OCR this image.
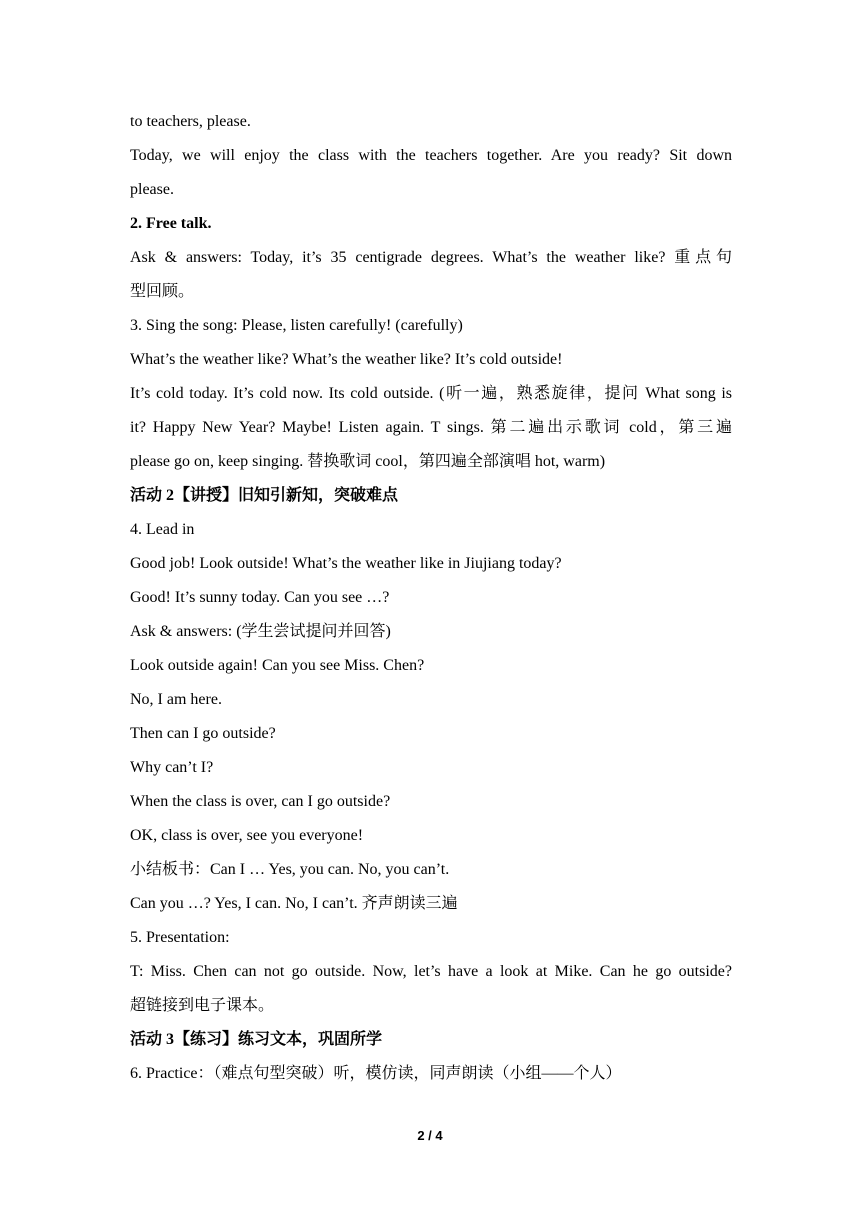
to teachers, please.
Today, we will enjoy the class with the teachers together. Are you ready? Sit down
please.
2. Free talk.
Ask & answers: Today, it’s 35 centigrade degrees. What’s the weather like? 重点句
型回顾。
3. Sing the song: Please, listen carefully! (carefully)
What’s the weather like? What’s the weather like? It’s cold outside!
It’s cold today. It’s cold now. Its cold outside. (听一遍，熟悉旋律，提问 What song is
it? Happy New Year? Maybe! Listen again. T sings. 第二遍出示歌词 cold，第三遍
please go on, keep singing. 替换歌词 cool，第四遍全部演唱 hot, warm)
活动 2【讲授】旧知引新知，突破难点
4. Lead in
Good job! Look outside! What’s the weather like in Jiujiang today?
Good! It’s sunny today. Can you see …?
Ask & answers: (学生尝试提问并回答)
Look outside again! Can you see Miss. Chen?
No, I am here.
Then can I go outside?
Why can’t I?
When the class is over, can I go outside?
OK, class is over, see you everyone!
小结板书：Can I … Yes, you can. No, you can’t.
Can you …? Yes, I can. No, I can’t. 齐声朗读三遍
5. Presentation:
T: Miss. Chen can not go outside. Now, let’s have a look at Mike. Can he go outside?
超链接到电子课本。
活动 3【练习】练习文本，巩固所学
6. Practice：（难点句型突破）听，模仿读，同声朗读（小组——个人）
2 / 4
